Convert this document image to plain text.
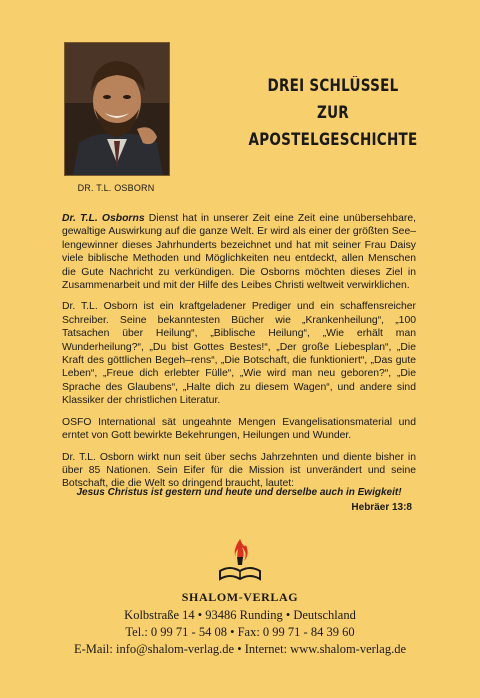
DR. T.L. OSBORN
DREI SCHLÜSSEL
ZUR
APOSTELGESCHICHTE

Dr. T.L. Osborns Dienst hat in unserer Zeit eine Zeit eine unübersehbare, gewaltige Auswirkung auf die ganze Welt. Er wird als einer der größten See–lengewinner dieses Jahrhunderts bezeichnet und hat mit seiner Frau Daisy viele biblische Methoden und Möglichkeiten neu entdeckt, allen Menschen die Gute Nachricht zu verkündigen. Die Osborns möchten dieses Ziel in Zusammenarbeit und mit der Hilfe des Leibes Christi weltweit verwirklichen.

Dr. T.L. Osborn ist ein kraftgeladener Prediger und ein schaffensreicher Schreiber. Seine bekanntesten Bücher wie „Krankenheilung“, „100 Tatsachen über Heilung“, „Biblische Heilung“, „Wie erhält man Wunderheilung?“, „Du bist Gottes Bestes!“, „Der große Liebesplan“, „Die Kraft des göttlichen Begeh–rens“, „Die Botschaft, die funktioniert“, „Das gute Leben“, „Freue dich erlebter Fülle“, „Wie wird man neu geboren?“, „Die Sprache des Glaubens“, „Halte dich zu diesem Wagen“, und andere sind Klassiker der christlichen Literatur.

OSFO International sät ungeahnte Mengen Evangelisationsmaterial und erntet von Gott bewirkte Bekehrungen, Heilungen und Wunder.

Dr. T.L. Osborn wirkt nun seit über sechs Jahrzehnten und diente bisher in über 85 Nationen. Sein Eifer für die Mission ist unverändert und seine Botschaft, die die Welt so dringend braucht, lautet:

Jesus Christus ist gestern und heute und derselbe auch in Ewigkeit!
Hebräer 13:8
SHALOM-VERLAG
Kolbstraße 14 • 93486 Runding • Deutschland
Tel.: 0 99 71 - 54 08 • Fax: 0 99 71 - 84 39 60
E-Mail: info@shalom-verlag.de • Internet: www.shalom-verlag.de
